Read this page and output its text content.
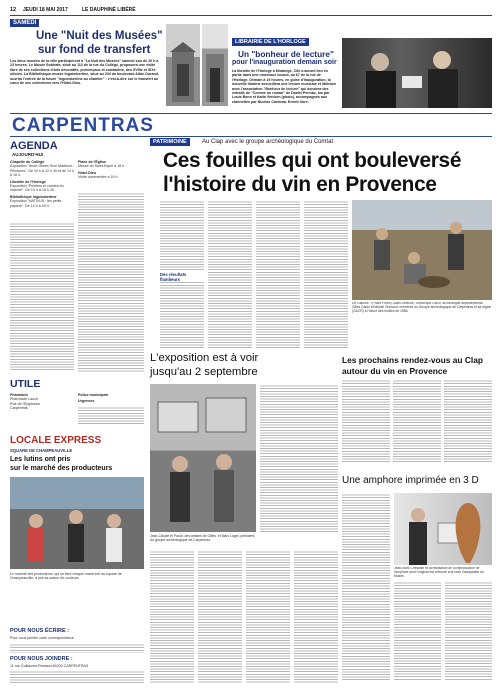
12 JEUDI 18 MAI 2017	LE DAUPHINÉ LIBÉRÉ
SAMEDI
Une "Nuit des Musées"
sur fond de transfert
Les deux musées de la ville participeront à "La Nuit des Musées" samedi soir de 20 h à 23 heures. Le Musée Sobirats, situé au 112 de la rue du Collège, proposera une visite libre de ses collections d'arts décoratifs, provençaux et comtadins, des XVIIIe et XIXe siècles. La Bibliothèque-musée Inguimbertine, situé au 234 du boulevard Albin Durand, ouvrira l'entrée de la future "Inguimbertine au chantier" : c'est-à-dire sur le transfert au cœur de ses collections vers l'Hôtel-Dieu.
LIBRAIRIE DE L'HORLOGE
Un "bonheur de lecture"
pour l'inauguration demain soir
La librairie de l'Horloge à Mirabégé, Cité a auront lieu en partie dans une nouveaux locaux, au 67 de la rue de l'Horloge. Demain à 19 heures, en guise d'inauguration, la nouvelle librairie accueillera une lecture musicale et littéraire avec l'association "Bonheur de lecture" qui donnera des extraits de "Comme un roman" de Daniel Pennac, lus par Louis Bonn et Katia Vercken (photo), accompagnés aux clarinettes par Nicolas Cardona. Entrée libre.
CARPENTRAS
AGENDA
AUJOURD'HUI
Chapelle du Collège
Exposition "Anne-Gimes Sion Martinon : Peintures". De 10 h à 12 h 30 et de 14 h à 18 h.
Librairie de l'Horloge
Exposition "Peintres et comtes du marché". De 15 h à 18 h 30.
Bibliothèque Inguimbertine
Exposition "NATIVUS : les petits papiers". De 14 h à 18 h.
Place de l'Église
Messe du Saint-Esprit à 18 h.
Hôtel-Dieu
Visite commentée à 16 h.
PATRIMOINE	Au Clap avec le groupe archéologique du Comtat
Ces fouilles qui ont bouleversé
l'histoire du vin en Provence
Des résultats flambeurs
De Gauche : (Photo Perez). Alain Deleuze, Dominique Carru, archéologue départemental, Gilles Garini et Michel Grimaud, membres du Groupe archéologique de Carpentras et sa région (GACR) à l'heure des fouilles de 1986.
Les prochains rendez-vous au Clap
autour du vin en Provence
UTILE
Pharmacie
Pharmacie Lauzé
Rue de l'Épiphanie
Carpentras
Police municipale
Urgences
LOCALE EXPRESS
SQUARE DE CHAMPEAUVILLE
Les lutins ont pris
sur le marché des producteurs
Le marché des producteurs, qui se tient chaque mardi soir au square de Champeauville, a pris sa saison de couleurs.
POUR NOUS ÉCRIRE :
Pour nous joindre votre correspondance
POUR NOUS JOINDRE :
11 rue Guillaume-Rostand 84200 CARPENTRAS
L'exposition est à voir
jusqu'au 2 septembre
Jean-Claude et Paola, des artistes de Gilles, et Marc Laget, président du groupe archéologique de Carpentras.
Une amphore imprimée en 3 D
Jean-Marc Chevalier et la réalisation de la reproduction de l'amphore dont l'original est retrouvé à la cuve Gadapaotte au Musée.
